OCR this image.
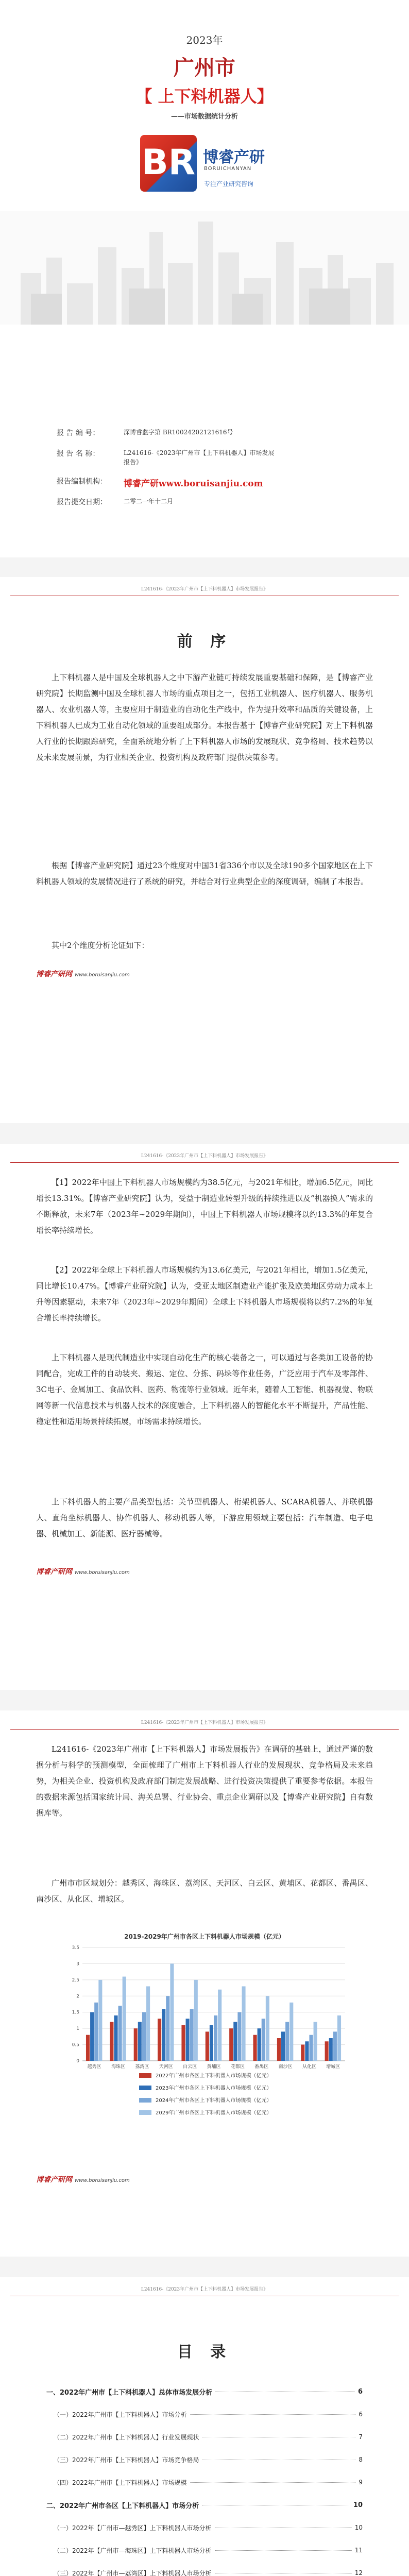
2023年
广州市
【 上下料机器人】
——市场数据统计分析
BR 博睿产研
BORUICHANYAN
专注产业研究咨询
报 告 编 号：	深博睿监字第 BR10024202121616号
报 告 名 称：	L241616-《2023年广州市【上下料机器人】市场发展报告》
报告编制机构： 博睿产研www.boruisanjiu.com
报告提交日期：	二零二一年十二月
L241616-《2023年广州市【上下料机器人】市场发展报告》
前 序

上下料机器人是中国及全球机器人之中下游产业链可持续发展重要基础和保障，是【博睿产业研究院】长期监测中国及全球机器人市场的重点项目之一，包括工业机器人、医疗机器人、服务机器人、农业机器人等，主要应用于制造业的自动化生产线中，作为提升效率和品质的关键设备，上下料机器人已成为工业自动化领域的重要组成部分。本报告基于【博睿产业研究院】对上下料机器人行业的长期跟踪研究，全面系统地分析了上下料机器人市场的发展现状、竞争格局、技术趋势以及未来发展前景，为行业相关企业、投资机构及政府部门提供决策参考。

根据【博睿产业研究院】通过23个维度对中国31省336个市以及全球190多个国家地区在上下料机器人领域的发展情况进行了系统的研究，并结合对行业典型企业的深度调研，编制了本报告。

其中2个维度分析论证如下：

博睿产研网 www.boruisanjiu.com
L241616-《2023年广州市【上下料机器人】市场发展报告》

【1】2022年中国上下料机器人市场规模约为38.5亿元，与2021年相比，增加6.5亿元，同比增长13.31%。【博睿产业研究院】认为，受益于制造业转型升级的持续推进以及“机器换人”需求的不断释放，未来7年（2023年~2029年期间），中国上下料机器人市场规模将以约13.3%的年复合增长率持续增长。

【2】2022年全球上下料机器人市场规模约为13.6亿美元，与2021年相比，增加1.5亿美元，同比增长10.47%。【博睿产业研究院】认为，受亚太地区制造业产能扩张及欧美地区劳动力成本上升等因素驱动，未来7年（2023年~2029年期间）全球上下料机器人市场规模将以约7.2%的年复合增长率持续增长。

上下料机器人是现代制造业中实现自动化生产的核心装备之一，可以通过与各类加工设备的协同配合，完成工件的自动装夹、搬运、定位、分拣、码垛等作业任务，广泛应用于汽车及零部件、3C电子、金属加工、食品饮料、医药、物流等行业领域。近年来，随着人工智能、机器视觉、物联网等新一代信息技术与机器人技术的深度融合，上下料机器人的智能化水平不断提升，产品性能、稳定性和适用场景持续拓展，市场需求持续增长。

上下料机器人的主要产品类型包括：关节型机器人、桁架机器人、SCARA机器人、并联机器人、直角坐标机器人、协作机器人、移动机器人等，下游应用领域主要包括：汽车制造、电子电器、机械加工、新能源、医疗器械等。

博睿产研网 www.boruisanjiu.com
L241616-《2023年广州市【上下料机器人】市场发展报告》

L241616-《2023年广州市【上下料机器人】市场发展报告》在调研的基础上，通过严谨的数据分析与科学的预测模型，全面梳理了广州市上下料机器人行业的发展现状、竞争格局及未来趋势，为相关企业、投资机构及政府部门制定发展战略、进行投资决策提供了重要参考依据。本报告的数据来源包括国家统计局、海关总署、行业协会、重点企业调研以及【博睿产业研究院】自有数据库等。

广州市市区域划分：越秀区、海珠区、荔湾区、天河区、白云区、黄埔区、花都区、番禺区、南沙区、从化区、增城区。

2019-2029年广州市各区上下料机器人市场规模（亿元）
0
0.5
1
1.5
2
2.5
3
3.5
越秀区 海珠区 荔湾区 天河区 白云区 黄埔区 花都区 番禺区 南沙区 从化区 增城区
2022年广州市各区上下料机器人市场规模（亿元）
2023年广州市各区上下料机器人市场规模（亿元）
2024年广州市各区上下料机器人市场规模（亿元）
2029年广州市各区上下料机器人市场规模（亿元）
博睿产研网 www.boruisanjiu.com
L241616-《2023年广州市【上下料机器人】市场发展报告》
目 录
一、2022年广州市【上下料机器人】总体市场发展分析	6
（一）2022年广州市【上下料机器人】市场分析	6
（二）2022年广州市【上下料机器人】行业发展现状	7
（三）2022年广州市【上下料机器人】市场竞争格局	8
（四）2022年广州市【上下料机器人】市场规模	9
二、2022年广州市各区【上下料机器人】市场分析	10
（一）2022年【广州市—越秀区】上下料机器人市场分析	10
（二）2022年【广州市—海珠区】上下料机器人市场分析	11
（三）2022年【广州市—荔湾区】上下料机器人市场分析	12
